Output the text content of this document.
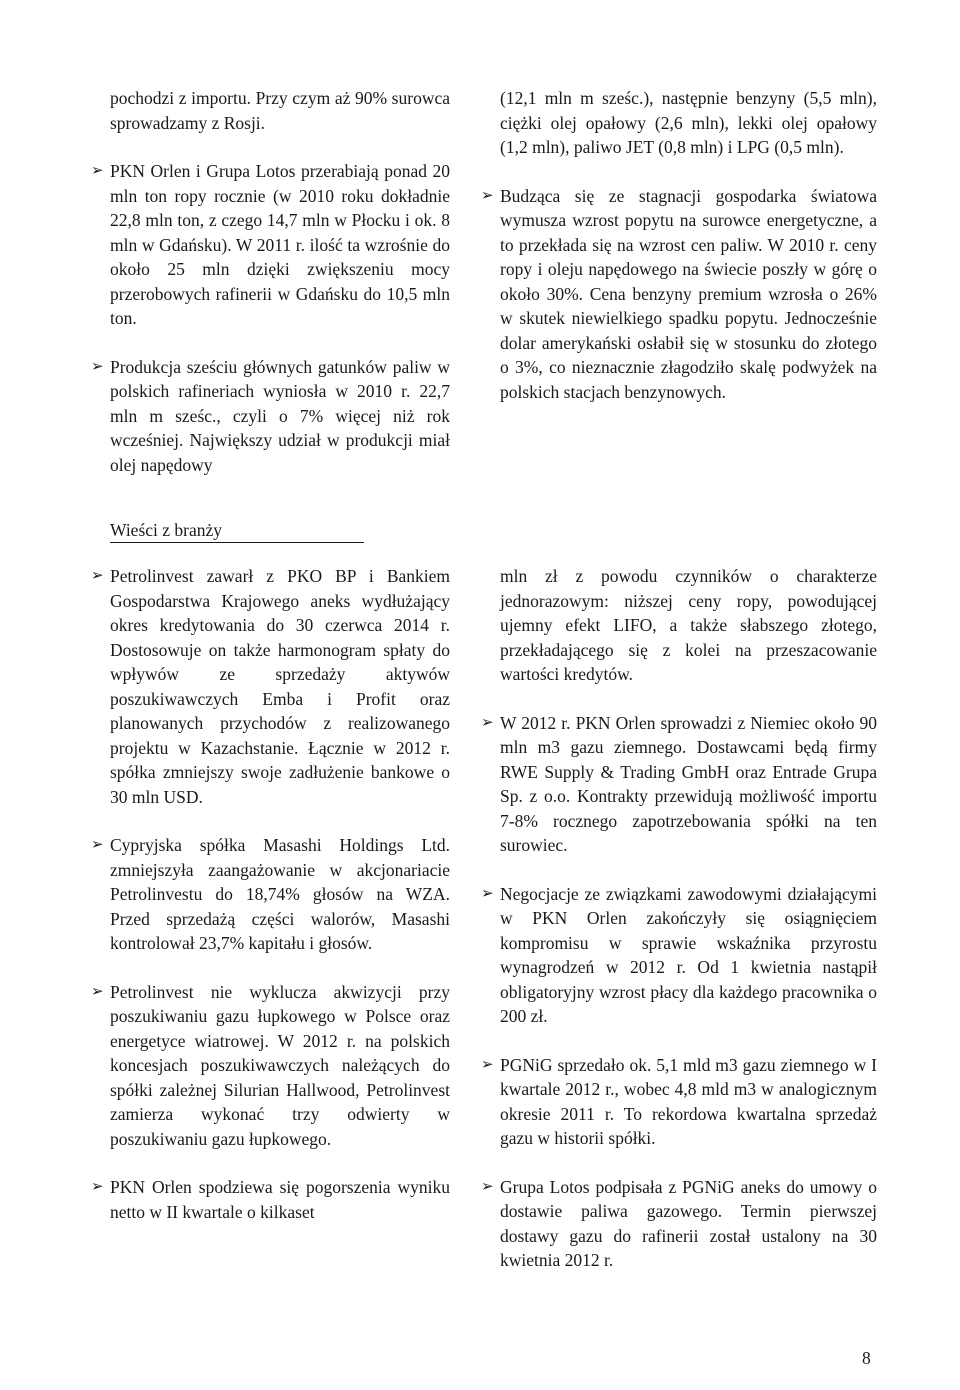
pochodzi z importu. Przy czym aż 90% surowca sprowadzamy z Rosji.

➢ PKN Orlen i Grupa Lotos przerabiają ponad 20 mln ton ropy rocznie (w 2010 roku dokładnie 22,8 mln ton, z czego 14,7 mln w Płocku i ok. 8 mln w Gdańsku). W 2011 r. ilość ta wzrośnie do około 25 mln dzięki zwiększeniu mocy przerobowych rafinerii w Gdańsku do 10,5 mln ton.

➢ Produkcja sześciu głównych gatunków paliw w polskich rafineriach wyniosła w 2010 r. 22,7 mln m sześc., czyli o 7% więcej niż rok wcześniej. Największy udział w produkcji miał olej napędowy

(12,1 mln m sześc.), następnie benzyny (5,5 mln), ciężki olej opałowy (2,6 mln), lekki olej opałowy (1,2 mln), paliwo JET (0,8 mln) i LPG (0,5 mln).

➢ Budząca się ze stagnacji gospodarka światowa wymusza wzrost popytu na surowce energetyczne, a to przekłada się na wzrost cen paliw. W 2010 r. ceny ropy i oleju napędowego na świecie poszły w górę o około 30%. Cena benzyny premium wzrosła o 26% w skutek niewielkiego spadku popytu. Jednocześnie dolar amerykański osłabił się w stosunku do złotego o 3%, co nieznacznie złagodziło skalę podwyżek na polskich stacjach benzynowych.

Wieści z branży

➢ Petrolinvest zawarł z PKO BP i Bankiem Gospodarstwa Krajowego aneks wydłużający okres kredytowania do 30 czerwca 2014 r. Dostosowuje on także harmonogram spłaty do wpływów ze sprzedaży aktywów poszukiwawczych Emba i Profit oraz planowanych przychodów z realizowanego projektu w Kazachstanie. Łącznie w 2012 r. spółka zmniejszy swoje zadłużenie bankowe o 30 mln USD.

➢ Cypryjska spółka Masashi Holdings Ltd. zmniejszyła zaangażowanie w akcjonariacie Petrolinvestu do 18,74% głosów na WZA. Przed sprzedażą części walorów, Masashi kontrolował 23,7% kapitału i głosów.

➢ Petrolinvest nie wyklucza akwizycji przy poszukiwaniu gazu łupkowego w Polsce oraz energetyce wiatrowej. W 2012 r. na polskich koncesjach poszukiwawczych należących do spółki zależnej Silurian Hallwood, Petrolinvest zamierza wykonać trzy odwierty w poszukiwaniu gazu łupkowego.

➢ PKN Orlen spodziewa się pogorszenia wyniku netto w II kwartale o kilkaset

mln zł z powodu czynników o charakterze jednorazowym: niższej ceny ropy, powodującej ujemny efekt LIFO, a także słabszego złotego, przekładającego się z kolei na przeszacowanie wartości kredytów.

➢ W 2012 r. PKN Orlen sprowadzi z Niemiec około 90 mln m3 gazu ziemnego. Dostawcami będą firmy RWE Supply & Trading GmbH oraz Entrade Grupa Sp. z o.o. Kontrakty przewidują możliwość importu 7-8% rocznego zapotrzebowania spółki na ten surowiec.

➢ Negocjacje ze związkami zawodowymi działającymi w PKN Orlen zakończyły się osiągnięciem kompromisu w sprawie wskaźnika przyrostu wynagrodzeń w 2012 r. Od 1 kwietnia nastąpił obligatoryjny wzrost płacy dla każdego pracownika o 200 zł.

➢ PGNiG sprzedało ok. 5,1 mld m3 gazu ziemnego w I kwartale 2012 r., wobec 4,8 mld m3 w analogicznym okresie 2011 r. To rekordowa kwartalna sprzedaż gazu w historii spółki.

➢ Grupa Lotos podpisała z PGNiG aneks do umowy o dostawie paliwa gazowego. Termin pierwszej dostawy gazu do rafinerii został ustalony na 30 kwietnia 2012 r.

8
